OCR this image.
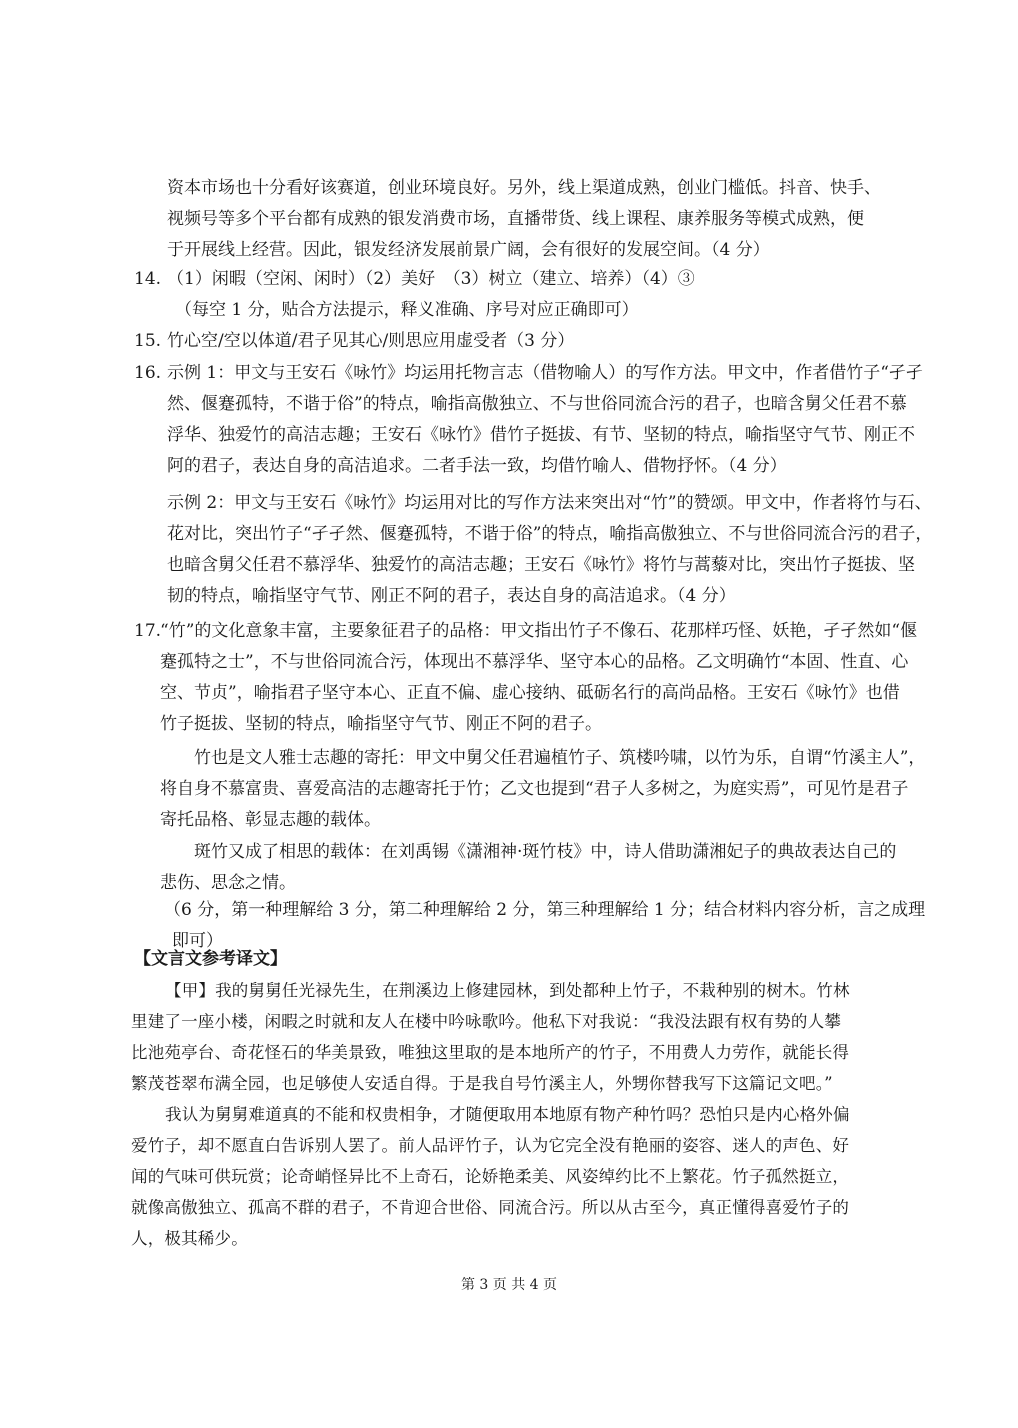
资本市场也十分看好该赛道，创业环境良好。另外，线上渠道成熟，创业门槛低。抖音、快手、
视频号等多个平台都有成熟的银发消费市场，直播带货、线上课程、康养服务等模式成熟，便
于开展线上经营。因此，银发经济发展前景广阔，会有很好的发展空间。（4 分）
14. （1）闲暇（空闲、闲时）（2）美好　（3）树立（建立、培养）（4）③
（每空 1 分，贴合方法提示，释义准确、序号对应正确即可）
15. 竹心空/空以体道/君子见其心/则思应用虚受者（3 分）
16. 示例 1：甲文与王安石《咏竹》均运用托物言志（借物喻人）的写作方法。甲文中，作者借竹子“孑孑
然、偃蹇孤特，不谐于俗”的特点，喻指高傲独立、不与世俗同流合污的君子，也暗含舅父任君不慕
浮华、独爱竹的高洁志趣；王安石《咏竹》借竹子挺拔、有节、坚韧的特点，喻指坚守气节、刚正不
阿的君子，表达自身的高洁追求。二者手法一致，均借竹喻人、借物抒怀。（4 分）
示例 2：甲文与王安石《咏竹》均运用对比的写作方法来突出对“竹”的赞颂。甲文中，作者将竹与石、
花对比，突出竹子“孑孑然、偃蹇孤特，不谐于俗”的特点，喻指高傲独立、不与世俗同流合污的君子，
也暗含舅父任君不慕浮华、独爱竹的高洁志趣；王安石《咏竹》将竹与蒿藜对比，突出竹子挺拔、坚
韧的特点，喻指坚守气节、刚正不阿的君子，表达自身的高洁追求。（4 分）
17.
“竹”的文化意象丰富，主要象征君子的品格：甲文指出竹子不像石、花那样巧怪、妖艳，孑孑然如“偃
蹇孤特之士”，不与世俗同流合污，体现出不慕浮华、坚守本心的品格。乙文明确竹“本固、性直、心
空、节贞”，喻指君子坚守本心、正直不偏、虚心接纳、砥砺名行的高尚品格。王安石《咏竹》也借
竹子挺拔、坚韧的特点，喻指坚守气节、刚正不阿的君子。
竹也是文人雅士志趣的寄托：甲文中舅父任君遍植竹子、筑楼吟啸，以竹为乐，自谓“竹溪主人”，
将自身不慕富贵、喜爱高洁的志趣寄托于竹；乙文也提到“君子人多树之，为庭实焉”，可见竹是君子
寄托品格、彰显志趣的载体。
斑竹又成了相思的载体：在刘禹锡《潇湘神·斑竹枝》中，诗人借助潇湘妃子的典故表达自己的
悲伤、思念之情。
（6 分，第一种理解给 3 分，第二种理解给 2 分，第三种理解给 1 分；结合材料内容分析，言之成理
即可）
【文言文参考译文】
【甲】我的舅舅任光禄先生，在荆溪边上修建园林，到处都种上竹子，不栽种别的树木。竹林
里建了一座小楼，闲暇之时就和友人在楼中吟咏歌吟。他私下对我说：“我没法跟有权有势的人攀
比池苑亭台、奇花怪石的华美景致，唯独这里取的是本地所产的竹子，不用费人力劳作，就能长得
繁茂苍翠布满全园，也足够使人安适自得。于是我自号竹溪主人，外甥你替我写下这篇记文吧。”
我认为舅舅难道真的不能和权贵相争，才随便取用本地原有物产种竹吗？恐怕只是内心格外偏
爱竹子，却不愿直白告诉别人罢了。前人品评竹子，认为它完全没有艳丽的姿容、迷人的声色、好
闻的气味可供玩赏；论奇峭怪异比不上奇石，论娇艳柔美、风姿绰约比不上繁花。竹子孤然挺立，
就像高傲独立、孤高不群的君子，不肯迎合世俗、同流合污。所以从古至今，真正懂得喜爱竹子的
人，极其稀少。
第 3 页 共 4 页
